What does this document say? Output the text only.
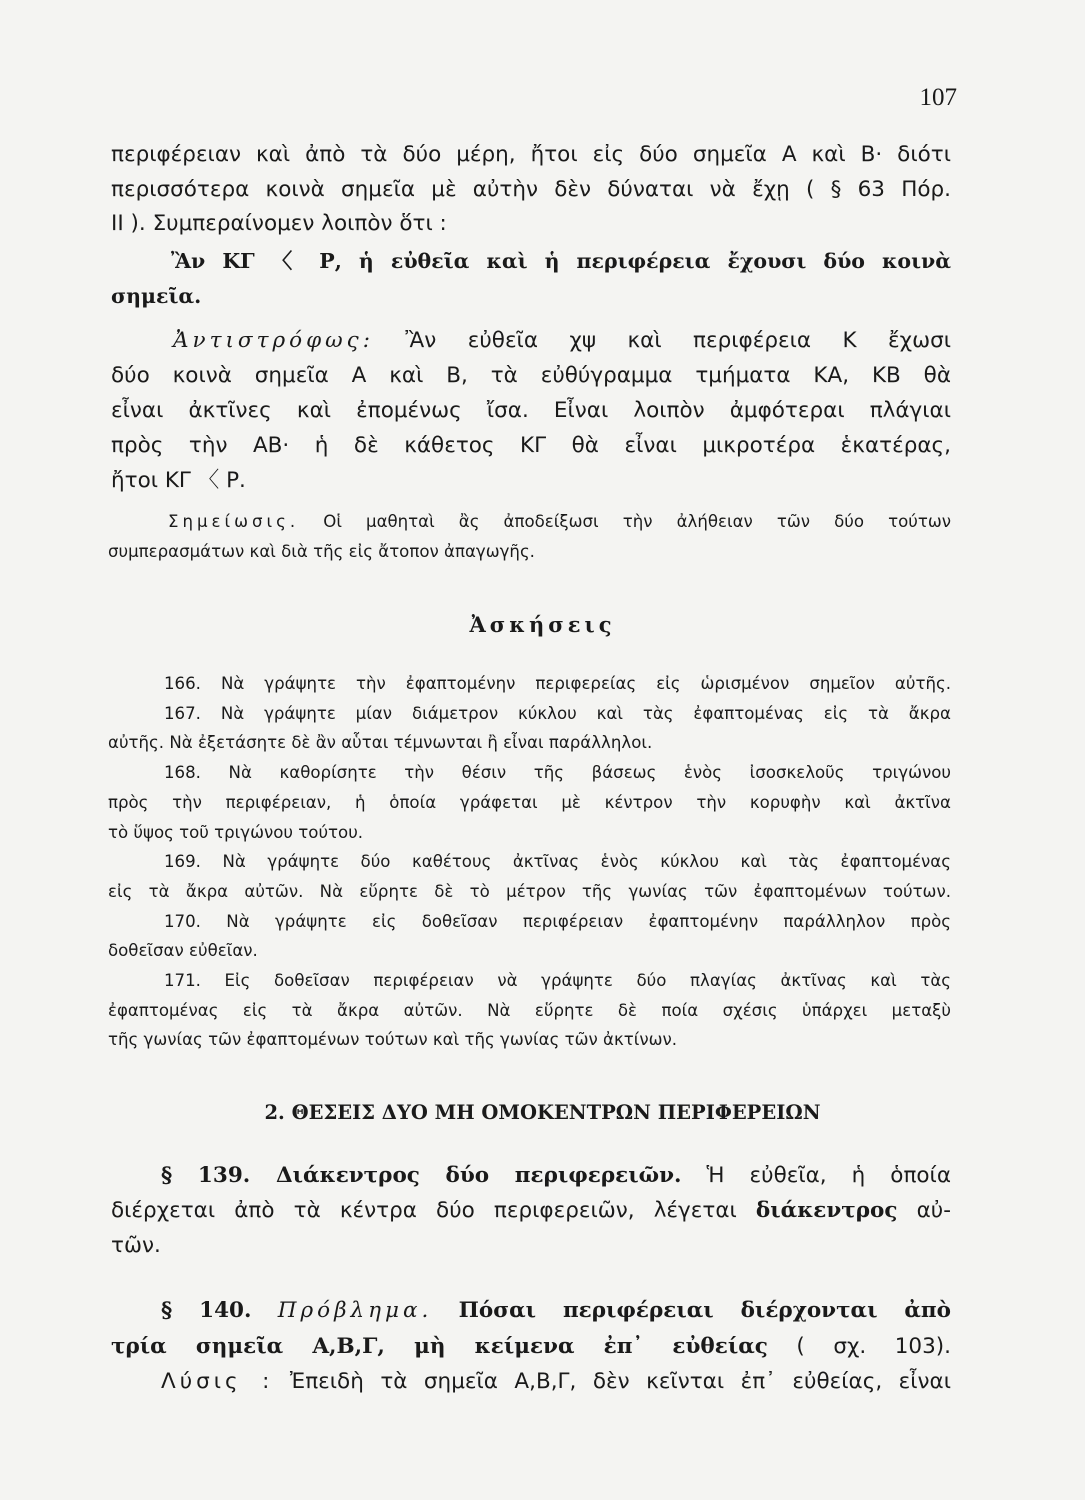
107
περιφέρειαν καὶ ἀπὸ τὰ δύο μέρη, ἤτοι εἰς δύο σημεῖα Α καὶ Β· διότι
περισσότερα κοινὰ σημεῖα μὲ αὐτὴν δὲν δύναται νὰ ἔχῃ ( § 63 Πόρ.
ΙΙ ). Συμπεραίνομεν λοιπὸν ὅτι :
Ἂν ΚΓ 〈 Ρ, ἡ εὐθεῖα καὶ ἡ περιφέρεια ἔχουσι δύο κοινὰ
σημεῖα.
Ἀντιστρόφως: Ἂν εὐθεῖα χψ καὶ περιφέρεια Κ ἔχωσι
δύο κοινὰ σημεῖα Α καὶ Β, τὰ εὐθύγραμμα τμήματα ΚΑ, ΚΒ θὰ
εἶναι ἀκτῖνες καὶ ἐπομένως ἴσα. Εἶναι λοιπὸν ἀμφότεραι πλάγιαι
πρὸς τὴν ΑΒ· ἡ δὲ κάθετος ΚΓ θὰ εἶναι μικροτέρα ἑκατέρας,
ἤτοι ΚΓ 〈 Ρ.
Σημείωσις. Οἱ μαθηταὶ ἂς ἀποδείξωσι τὴν ἀλήθειαν τῶν δύο τούτων
συμπερασμάτων καὶ διὰ τῆς εἰς ἄτοπον ἀπαγωγῆς.
Ἀσκήσεις
166. Νὰ γράψητε τὴν ἐφαπτομένην περιφερείας εἰς ὡρισμένον σημεῖον αὐτῆς.
167. Νὰ γράψητε μίαν διάμετρον κύκλου καὶ τὰς ἐφαπτομένας εἰς τὰ ἄκρα
αὐτῆς. Νὰ ἐξετάσητε δὲ ἂν αὗται τέμνωνται ἢ εἶναι παράλληλοι.
168. Νὰ καθορίσητε τὴν θέσιν τῆς βάσεως ἑνὸς ἰσοσκελοῦς τριγώνου
πρὸς τὴν περιφέρειαν, ἡ ὁποία γράφεται μὲ κέντρον τὴν κορυφὴν καὶ ἀκτῖνα
τὸ ὕψος τοῦ τριγώνου τούτου.
169. Νὰ γράψητε δύο καθέτους ἀκτῖνας ἑνὸς κύκλου καὶ τὰς ἐφαπτομένας
εἰς τὰ ἄκρα αὐτῶν. Νὰ εὕρητε δὲ τὸ μέτρον τῆς γωνίας τῶν ἐφαπτομένων τούτων.
170. Νὰ γράψητε εἰς δοθεῖσαν περιφέρειαν ἐφαπτομένην παράλληλον πρὸς
δοθεῖσαν εὐθεῖαν.
171. Εἰς δοθεῖσαν περιφέρειαν νὰ γράψητε δύο πλαγίας ἀκτῖνας καὶ τὰς
ἐφαπτομένας εἰς τὰ ἄκρα αὐτῶν. Νὰ εὕρητε δὲ ποία σχέσις ὑπάρχει μεταξὺ
τῆς γωνίας τῶν ἐφαπτομένων τούτων καὶ τῆς γωνίας τῶν ἀκτίνων.
2. ΘΕΣΕΙΣ ΔΥΟ ΜΗ ΟΜΟΚΕΝΤΡΩΝ ΠΕΡΙΦΕΡΕΙΩΝ
§ 139. Διάκεντρος δύο περιφερειῶν. Ἡ εὐθεῖα, ἡ ὁποία
διέρχεται ἀπὸ τὰ κέντρα δύο περιφερειῶν, λέγεται διάκεντρος αὐ-
τῶν.
§ 140. Πρόβλημα. Πόσαι περιφέρειαι διέρχονται ἀπὸ
τρία σημεῖα Α,Β,Γ, μὴ κείμενα ἐπ᾽ εὐθείας ( σχ. 103).
Λύσις : Ἐπειδὴ τὰ σημεῖα Α,Β,Γ, δὲν κεῖνται ἐπ᾽ εὐθείας, εἶναι
